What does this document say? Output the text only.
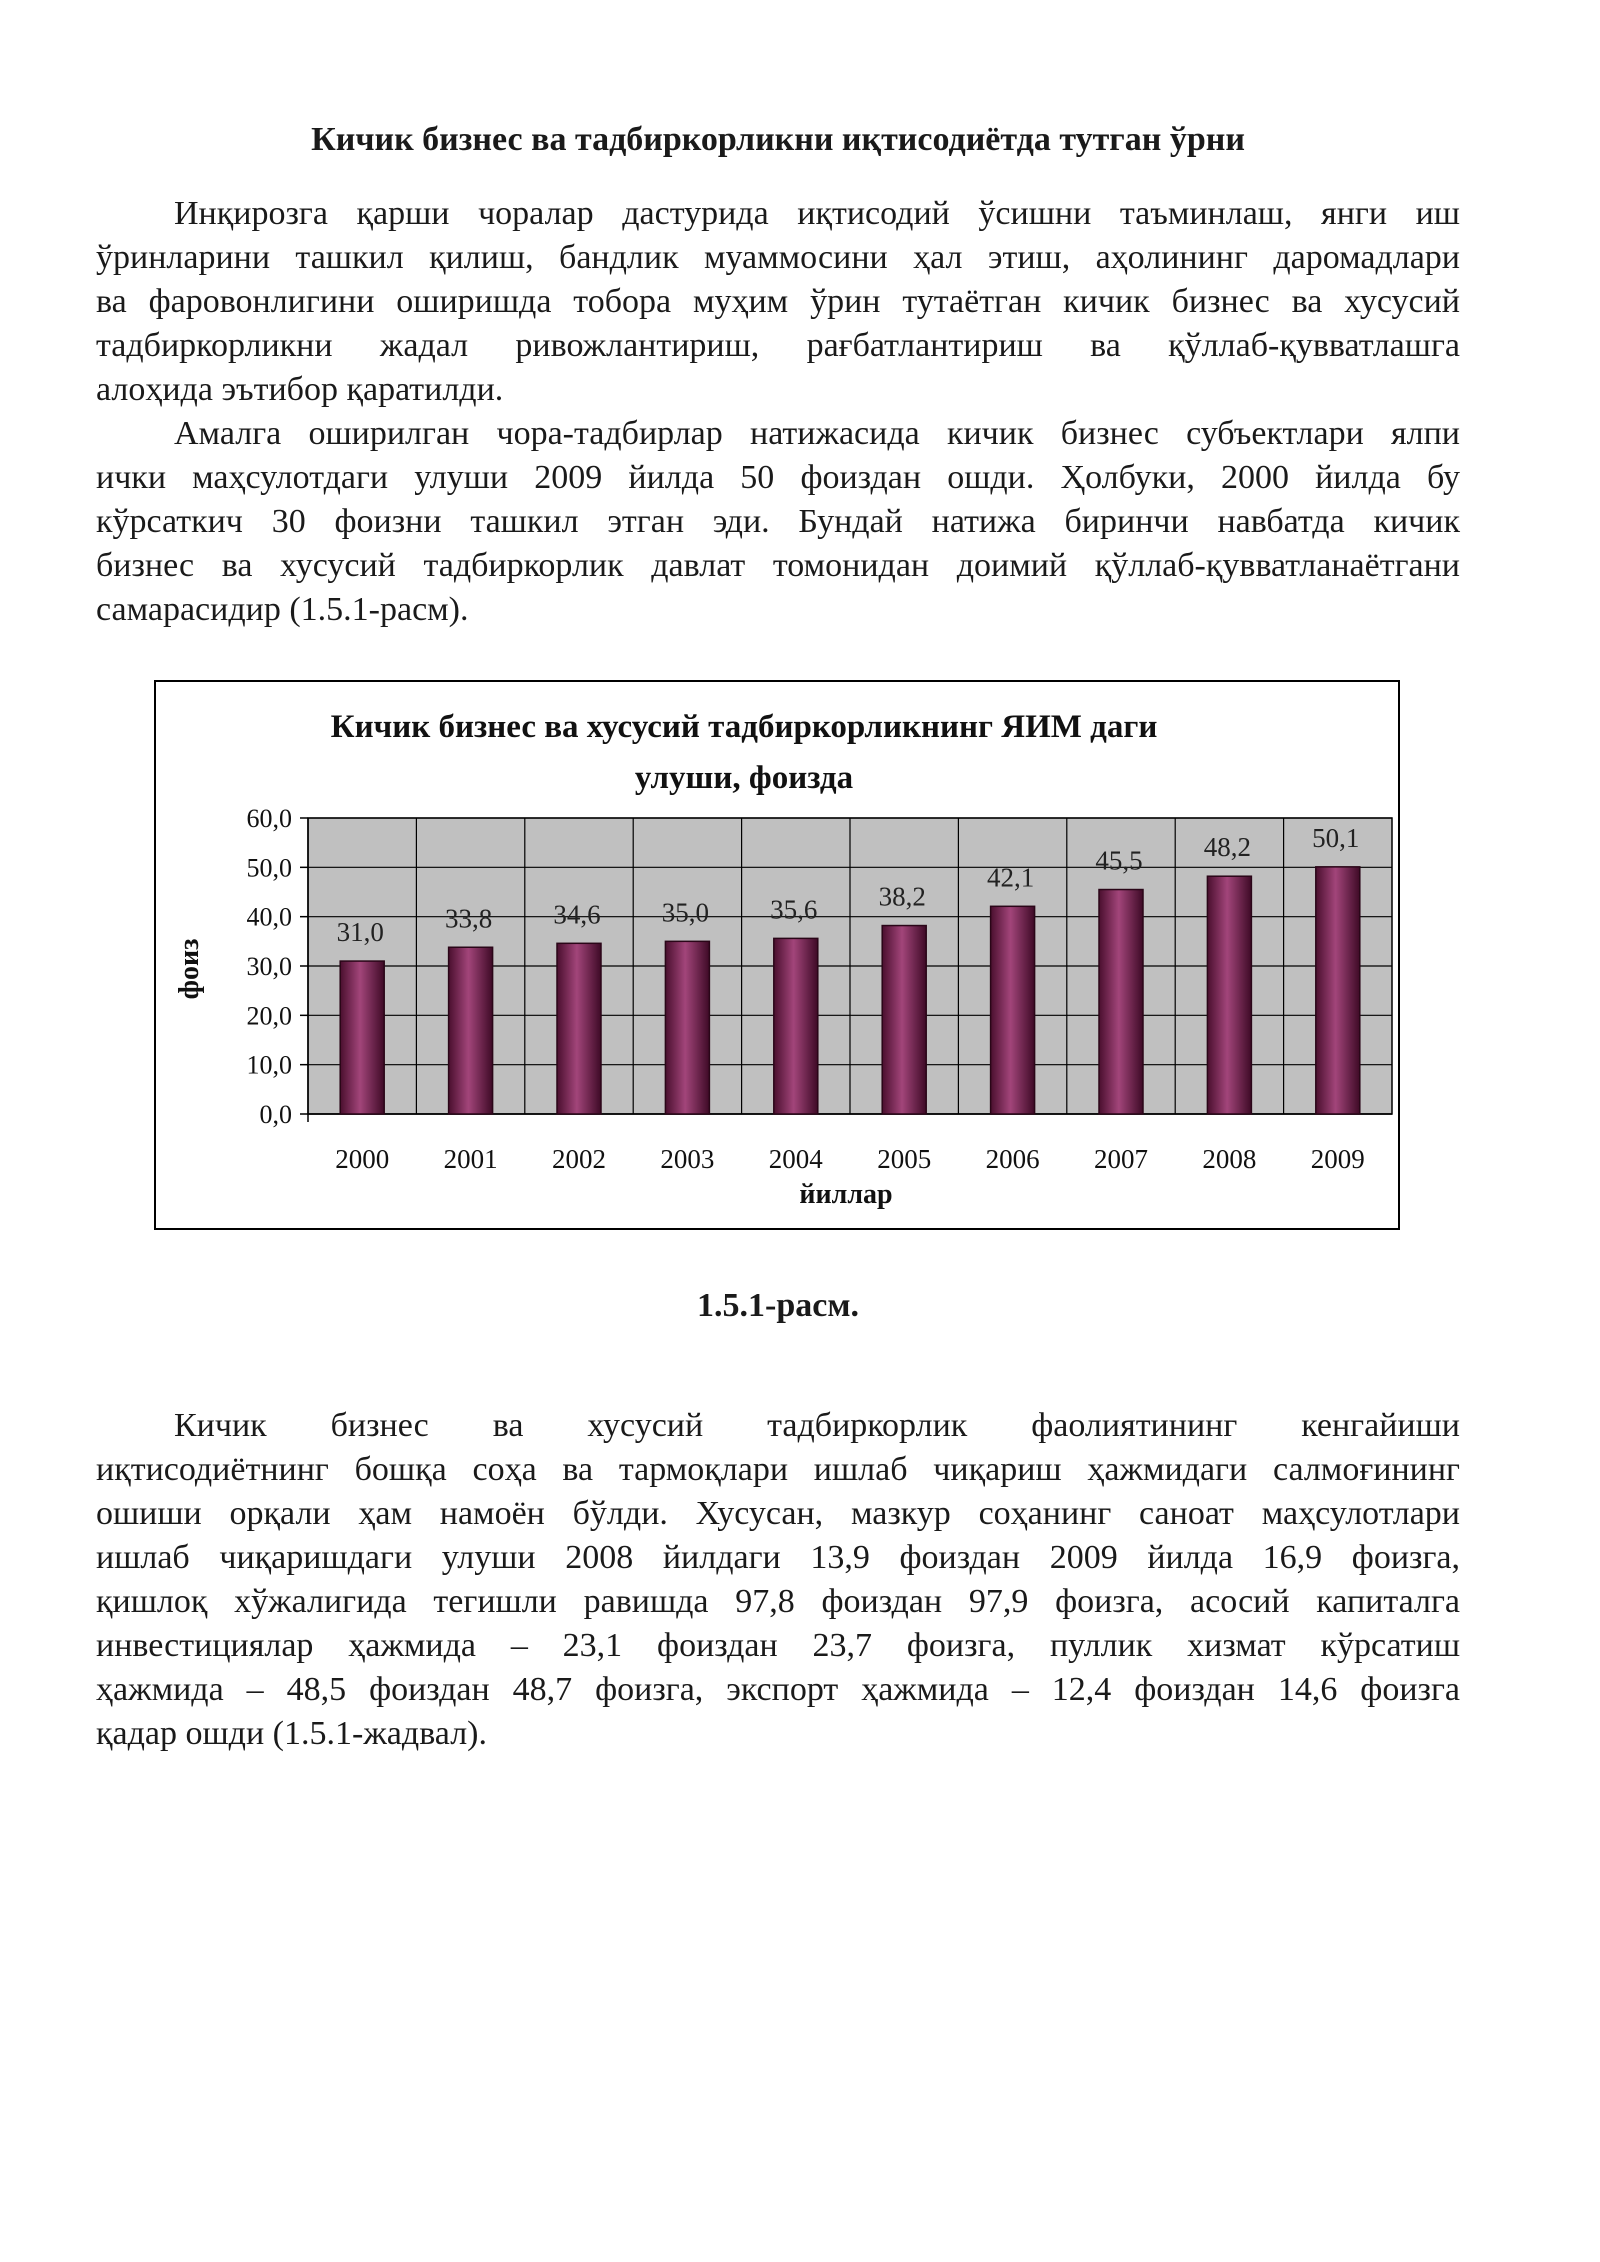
Кичик бизнес ва тадбиркорликни иқтисодиётда тутган ўрни
Инқирозга қарши чоралар дастурида иқтисодий ўсишни таъминлаш, янги иш
ўринларини ташкил қилиш, бандлик муаммосини ҳал этиш, аҳолининг даромадлари
ва фаровонлигини оширишда тобора муҳим ўрин тутаётган кичик бизнес ва хусусий
тадбиркорликни жадал ривожлантириш, рағбатлантириш ва қўллаб-қувватлашга
алоҳида эътибор қаратилди.
Амалга оширилган чора-тадбирлар натижасида кичик бизнес субъектлари ялпи
ички маҳсулотдаги улуши 2009 йилда 50 фоиздан ошди. Ҳолбуки, 2000 йилда бу
кўрсаткич 30 фоизни ташкил этган эди. Бундай натижа биринчи навбатда кичик
бизнес ва хусусий тадбиркорлик давлат томонидан доимий қўллаб-қувватланаётгани
самарасидир (1.5.1-расм).
Кичик бизнес ва хусусий тадбиркорликнинг ЯИМ даги
улуши, фоизда
0,0
10,0
20,0
30,0
40,0
50,0
60,0
31,0
2000
33,8
2001
34,6
2002
35,0
2003
35,6
2004
38,2
2005
42,1
2006
45,5
2007
48,2
2008
50,1
2009
фоиз
йиллар
1.5.1-расм.
Кичик бизнес ва хусусий тадбиркорлик фаолиятининг кенгайиши
иқтисодиётнинг бошқа соҳа ва тармоқлари ишлаб чиқариш ҳажмидаги салмоғининг
ошиши орқали ҳам намоён бўлди. Хусусан, мазкур соҳанинг саноат маҳсулотлари
ишлаб чиқаришдаги улуши 2008 йилдаги 13,9 фоиздан 2009 йилда 16,9 фоизга,
қишлоқ хўжалигида тегишли равишда 97,8 фоиздан 97,9 фоизга, асосий капиталга
инвестициялар ҳажмида – 23,1 фоиздан 23,7 фоизга, пуллик хизмат кўрсатиш
ҳажмида – 48,5 фоиздан 48,7 фоизга, экспорт ҳажмида – 12,4 фоиздан 14,6 фоизга
қадар ошди (1.5.1-жадвал).
